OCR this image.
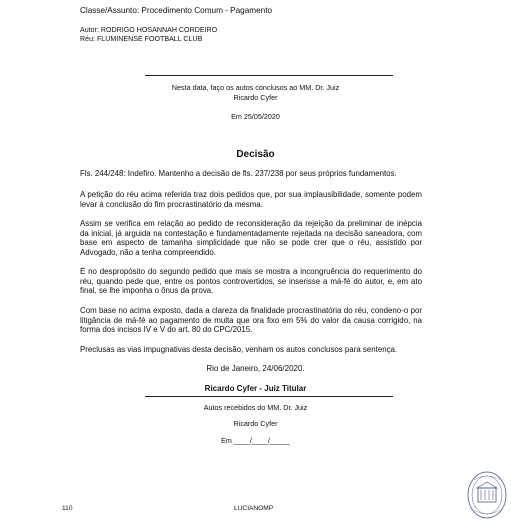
Classe/Assunto: Procedimento Comum - Pagamento
Autor: RODRIGO HOSANNAH CORDEIRO
Réu: FLUMINENSE FOOTBALL CLUB
Nesta data, faço os autos conclusos ao MM. Dr. Juiz
Ricardo Cyfer
Em 25/05/2020
Decisão
Fls. 244/248: Indefiro. Mantenho a decisão de fls. 237/238 por seus próprios fundamentos.
A petição do réu acima referida traz dois pedidos que, por sua implausibilidade, somente podem levar à conclusão do fim procrastinatório da mesma.
Assim se verifica em relação ao pedido de reconsideração da rejeição da preliminar de inépcia da inicial, já arguida na contestação e fundamentadamente rejeitada na decisão saneadora, com base em aspecto de tamanha simplicidade que não se pode crer que o réu, assistido por Advogado, não a tenha compreendido.
É no despropósito do segundo pedido que mais se mostra a incongruência do requerimento do réu, quando pede que, entre os pontos controvertidos, se inserisse a má-fé do autor, e, em ato final, se lhe imponha o ônus da prova.
Com base no acima exposto, dada a clareza da finalidade procrastinatória do réu, condeno-o por litigância de má-fé ao pagamento de multa que ora fixo em 5% do valor da causa corrigido, na forma dos incisos IV e V do art. 80 do CPC/2015.
Preclusas as vias impugnativas desta decisão, venham os autos conclusos para sentença.
Rio de Janeiro, 24/06/2020.
Ricardo Cyfer - Juiz Titular
Autos recebidos do MM. Dr. Juiz
Ricardo Cyfer
Em ____/____/_____
110	LUCIANOMP
